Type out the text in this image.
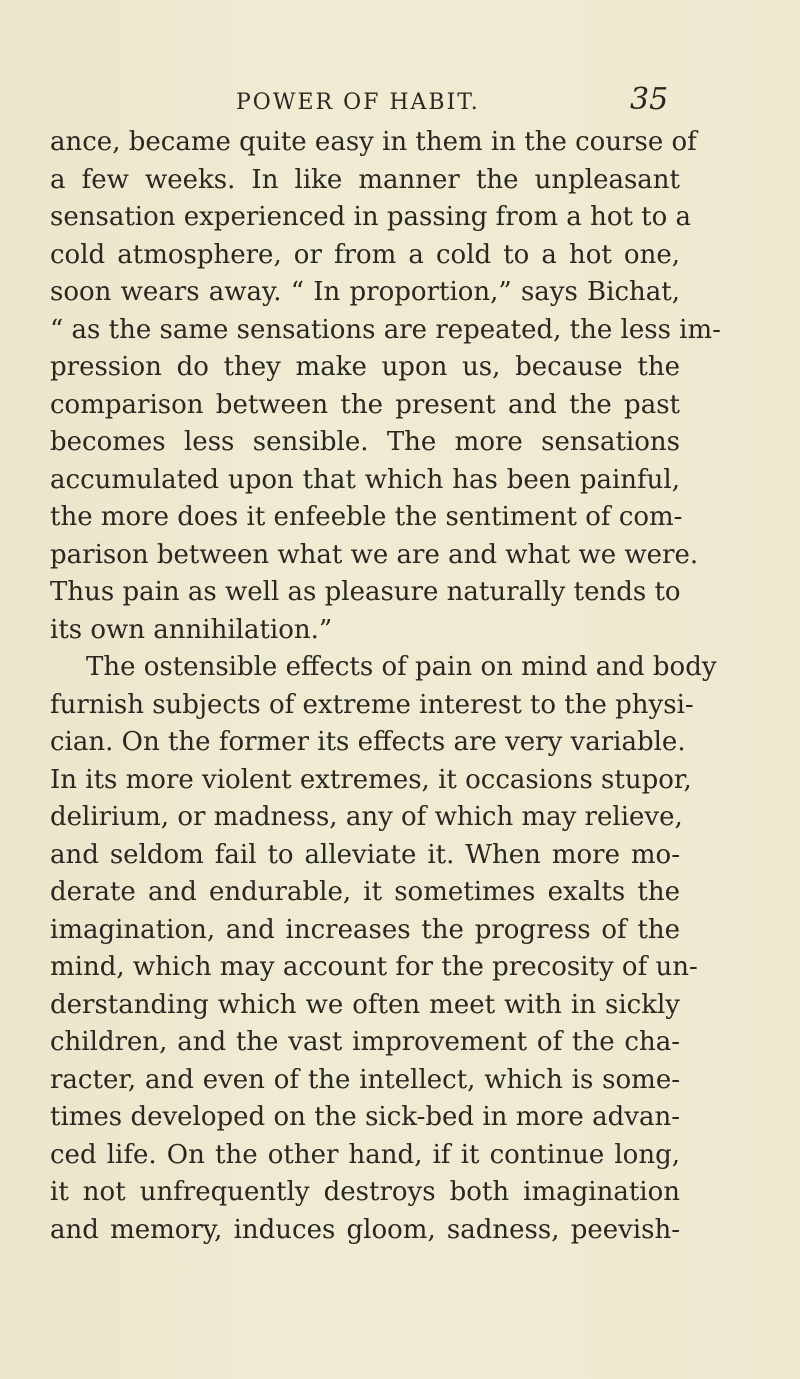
POWER OF HABIT.	35
ance, became quite easy in them in the course of
a few weeks. In like manner the unpleasant
sensation experienced in passing from a hot to a
cold atmosphere, or from a cold to a hot one,
soon wears away. “ In proportion,” says Bichat,
“ as the same sensations are repeated, the less im-
pression do they make upon us, because the
comparison between the present and the past
becomes less sensible. The more sensations
accumulated upon that which has been painful,
the more does it enfeeble the sentiment of com-
parison between what we are and what we were.
Thus pain as well as pleasure naturally tends to
its own annihilation.”
The ostensible effects of pain on mind and body
furnish subjects of extreme interest to the physi-
cian. On the former its effects are very variable.
In its more violent extremes, it occasions stupor,
delirium, or madness, any of which may relieve,
and seldom fail to alleviate it. When more mo-
derate and endurable, it sometimes exalts the
imagination, and increases the progress of the
mind, which may account for the precosity of un-
derstanding which we often meet with in sickly
children, and the vast improvement of the cha-
racter, and even of the intellect, which is some-
times developed on the sick-bed in more advan-
ced life. On the other hand, if it continue long,
it not unfrequently destroys both imagination
and memory, induces gloom, sadness, peevish-
